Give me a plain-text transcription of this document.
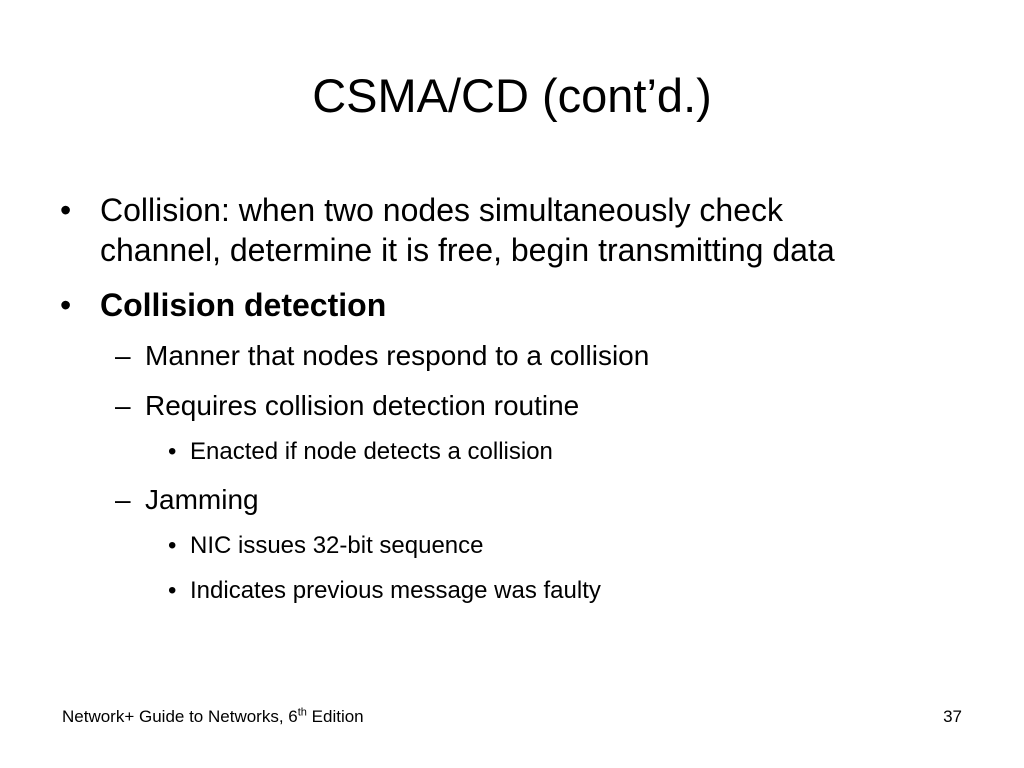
CSMA/CD (cont’d.)
• Collision: when two nodes simultaneously check
channel, determine it is free, begin transmitting data
• Collision detection
– Manner that nodes respond to a collision
– Requires collision detection routine
• Enacted if node detects a collision
– Jamming
• NIC issues 32-bit sequence
• Indicates previous message was faulty
Network+ Guide to Networks, 6th Edition	37
